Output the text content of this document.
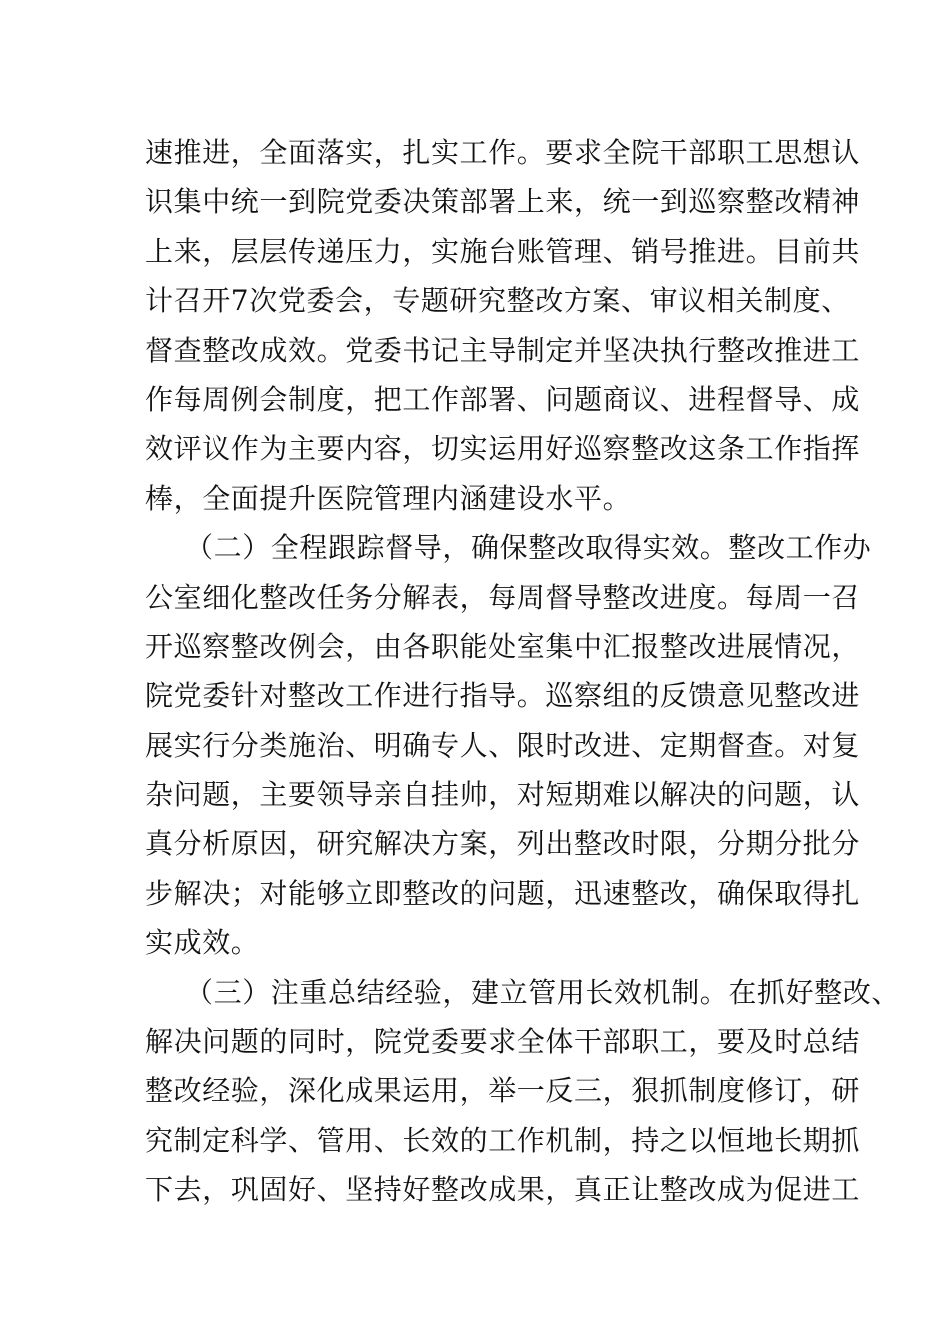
速推进，全面落实，扎实工作。要求全院干部职工思想认
识集中统一到院党委决策部署上来，统一到巡察整改精神
上来，层层传递压力，实施台账管理、销号推进。目前共
计召开7次党委会，专题研究整改方案、审议相关制度、
督查整改成效。党委书记主导制定并坚决执行整改推进工
作每周例会制度，把工作部署、问题商议、进程督导、成
效评议作为主要内容，切实运用好巡察整改这条工作指挥
棒，全面提升医院管理内涵建设水平。
（二）全程跟踪督导，确保整改取得实效。整改工作办
公室细化整改任务分解表，每周督导整改进度。每周一召
开巡察整改例会，由各职能处室集中汇报整改进展情况，
院党委针对整改工作进行指导。巡察组的反馈意见整改进
展实行分类施治、明确专人、限时改进、定期督查。对复
杂问题，主要领导亲自挂帅，对短期难以解决的问题，认
真分析原因，研究解决方案，列出整改时限，分期分批分
步解决；对能够立即整改的问题，迅速整改，确保取得扎
实成效。
（三）注重总结经验，建立管用长效机制。在抓好整改、
解决问题的同时，院党委要求全体干部职工，要及时总结
整改经验，深化成果运用，举一反三，狠抓制度修订，研
究制定科学、管用、长效的工作机制，持之以恒地长期抓
下去，巩固好、坚持好整改成果，真正让整改成为促进工
